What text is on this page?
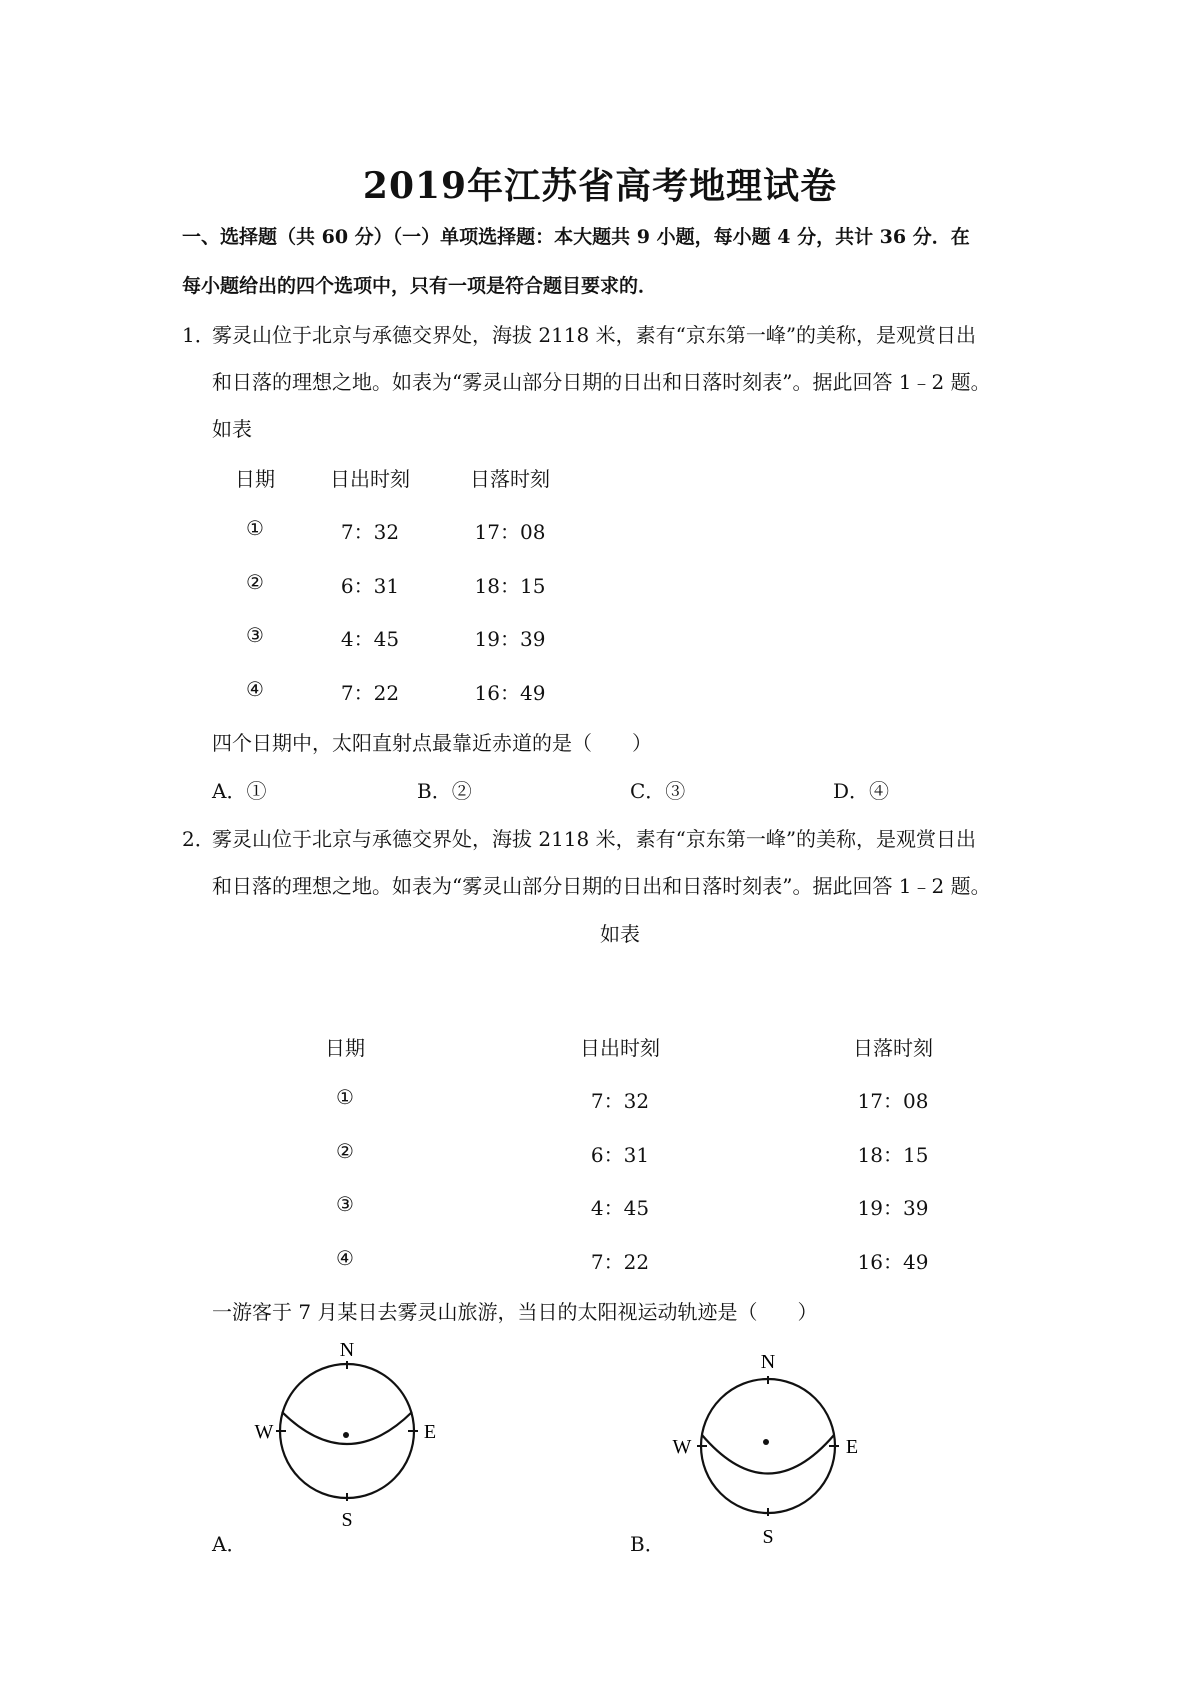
2019年江苏省高考地理试卷
一、选择题（共 60 分）（一）单项选择题：本大题共 9 小题，每小题 4 分，共计 36 分．在
每小题给出的四个选项中，只有一项是符合题目要求的．
1．
雾灵山位于北京与承德交界处，海拔 2118 米，素有“京东第一峰”的美称，是观赏日出
和日落的理想之地。如表为“雾灵山部分日期的日出和日落时刻表”。据此回答 1﹣2 题。
如表
日期	日出时刻	日落时刻
①	7：32	17：08
②	6：31	18：15
③	4：45	19：39
④	7：22	16：49
四个日期中，太阳直射点最靠近赤道的是（　　）
A．①	B．②	C．③	D．④
2．
雾灵山位于北京与承德交界处，海拔 2118 米，素有“京东第一峰”的美称，是观赏日出
和日落的理想之地。如表为“雾灵山部分日期的日出和日落时刻表”。据此回答 1﹣2 题。
如表
日期	日出时刻	日落时刻
①	7：32	17：08
②	6：31	18：15
③	4：45	19：39
④	7：22	16：49
一游客于 7 月某日去雾灵山旅游，当日的太阳视运动轨迹是（　　）
N
S
W	E
A．
N
S
W	E
B．
